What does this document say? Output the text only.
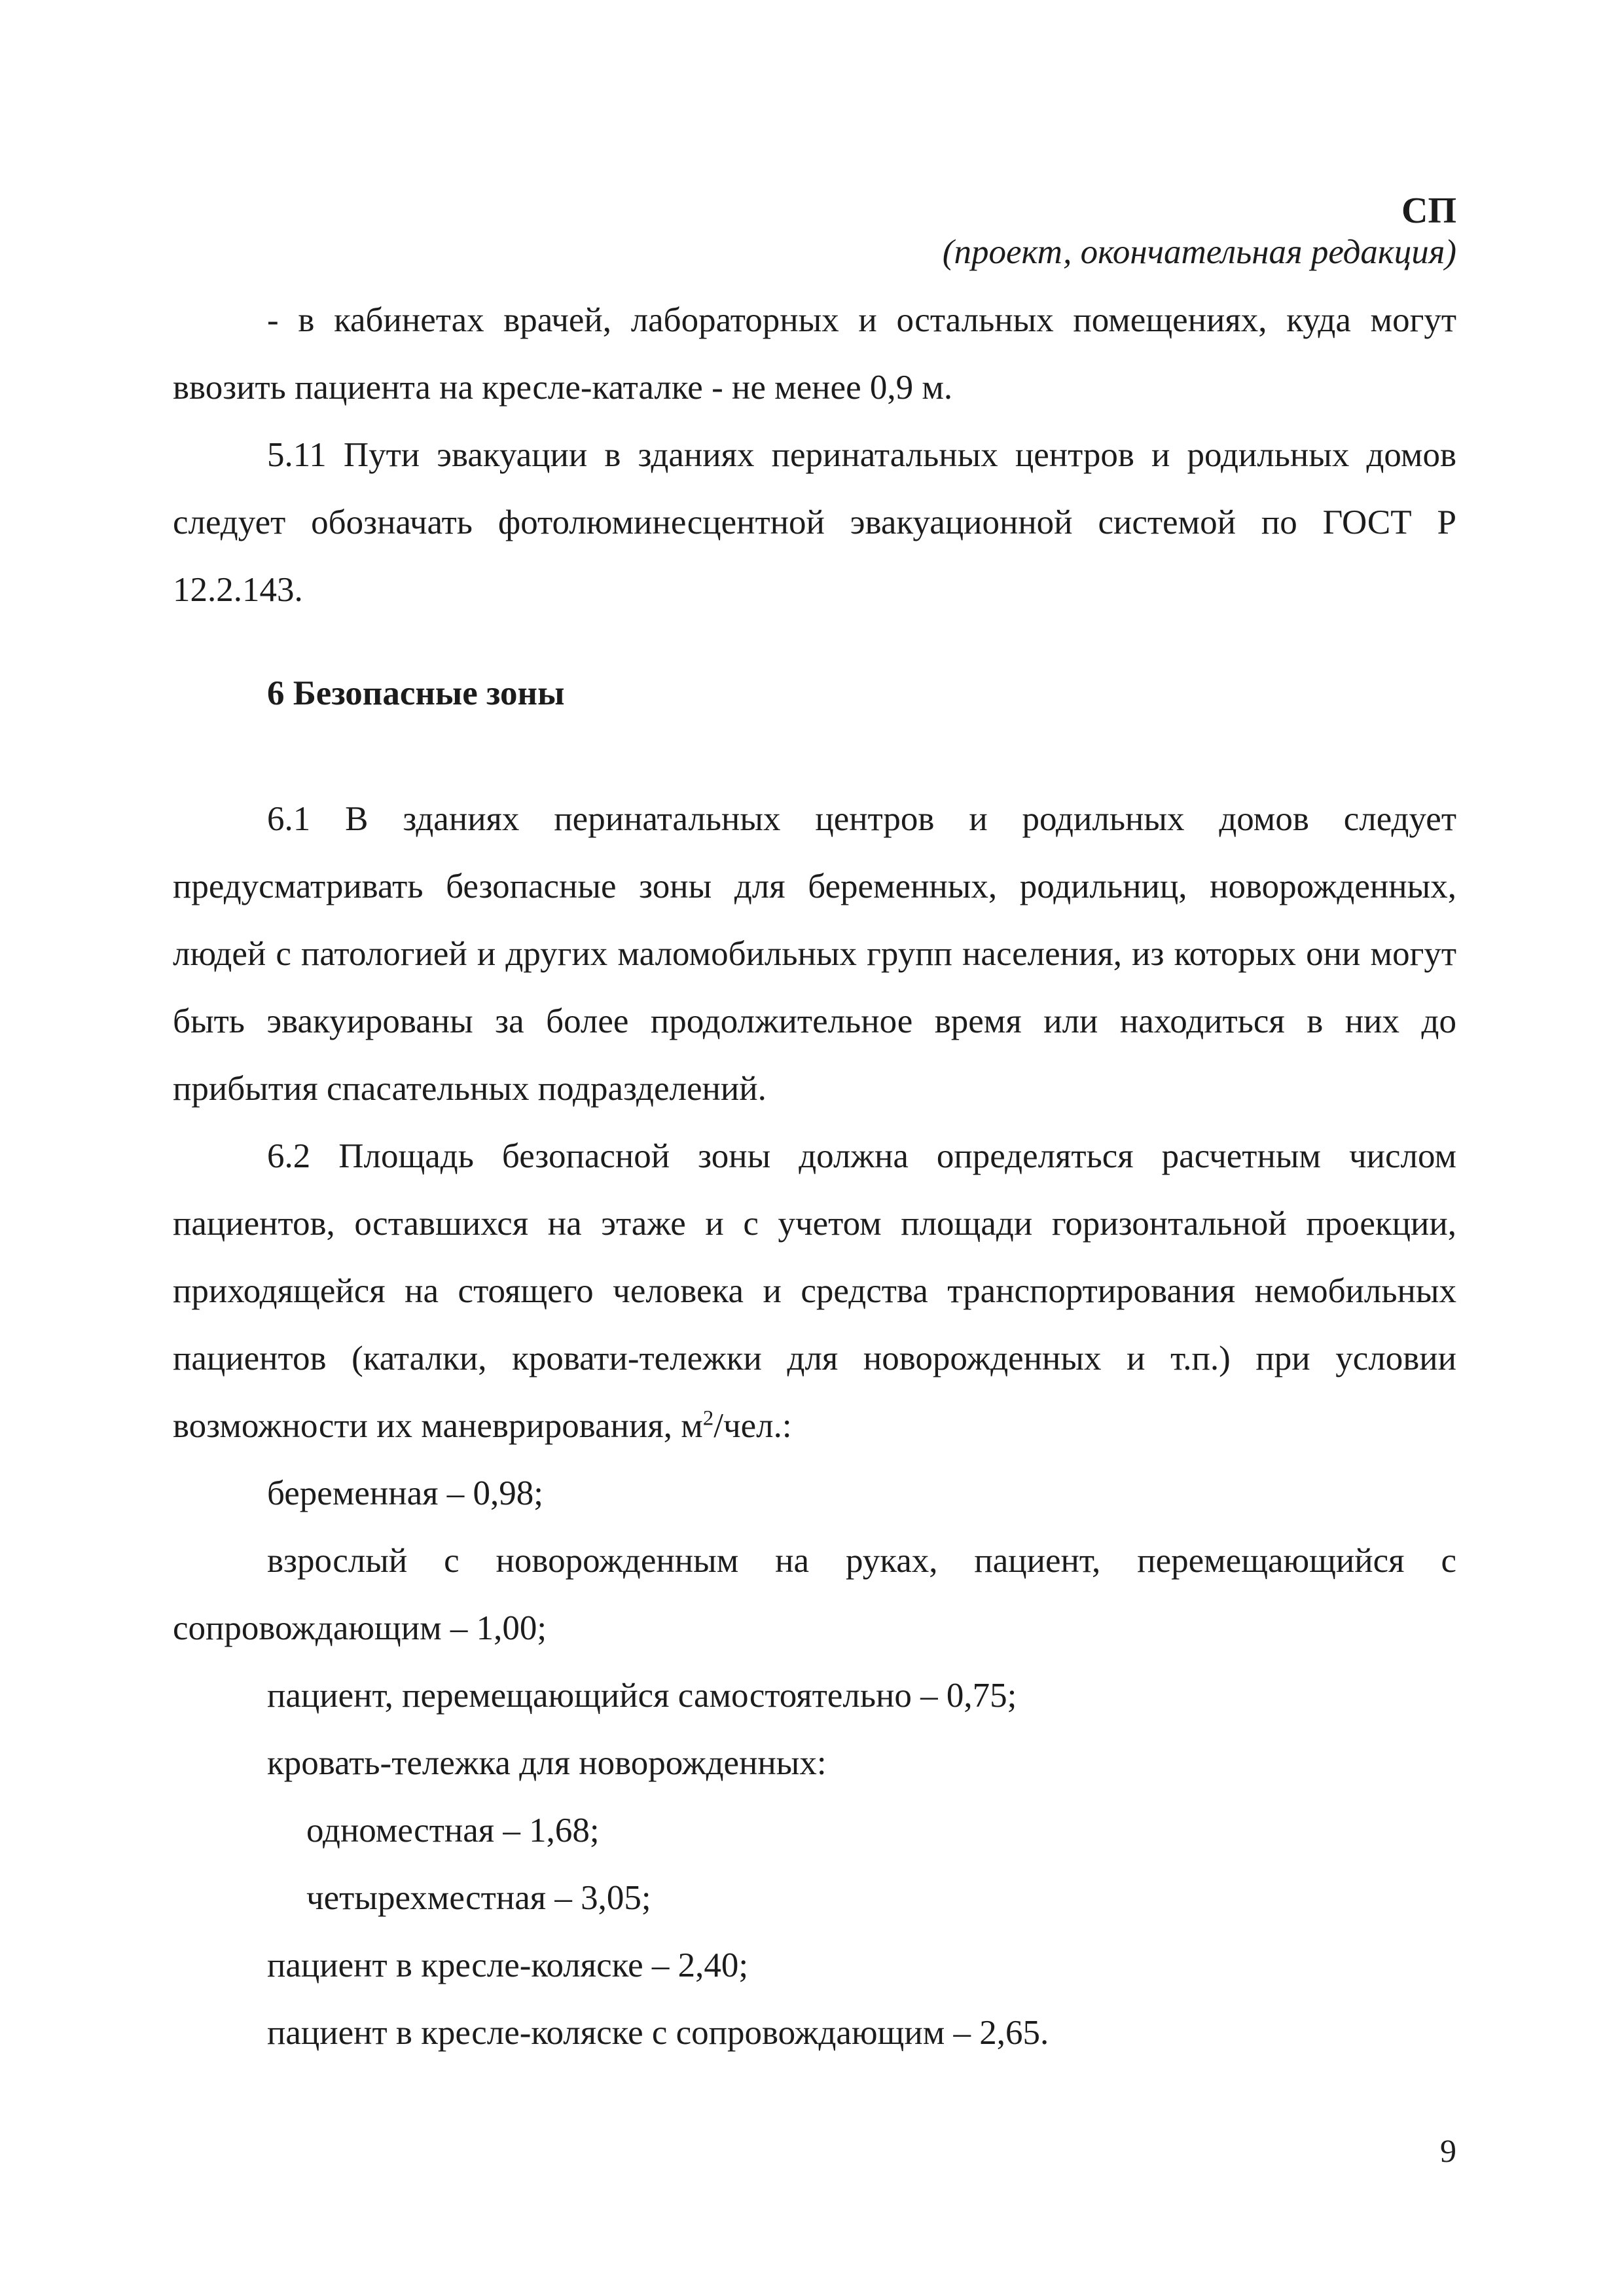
СП
(проект, окончательная редакция)

- в кабинетах врачей, лабораторных и остальных помещениях, куда могут ввозить пациента на кресле-каталке - не менее 0,9 м.

5.11 Пути эвакуации в зданиях перинатальных центров и родильных домов следует обозначать фотолюминесцентной эвакуационной системой по ГОСТ Р 12.2.143.

6 Безопасные зоны

6.1 В зданиях перинатальных центров и родильных домов следует предусматривать безопасные зоны для беременных, родильниц, новорожденных, людей с патологией и других маломобильных групп населения, из которых они могут быть эвакуированы за более продолжительное время или находиться в них до прибытия спасательных подразделений.

6.2 Площадь безопасной зоны должна определяться расчетным числом пациентов, оставшихся на этаже и с учетом площади горизонтальной проекции, приходящейся на стоящего человека и средства транспортирования немобильных пациентов (каталки, кровати-тележки для новорожденных и т.п.) при условии возможности их маневрирования, $м^2$/чел.:

беременная – 0,98;

взрослый с новорожденным на руках, пациент, перемещающийся с сопровождающим – 1,00;

пациент, перемещающийся самостоятельно – 0,75;
кровать-тележка для новорожденных:
одноместная – 1,68;
четырехместная – 3,05;
пациент в кресле-коляске – 2,40;
пациент в кресле-коляске с сопровождающим – 2,65.
9
